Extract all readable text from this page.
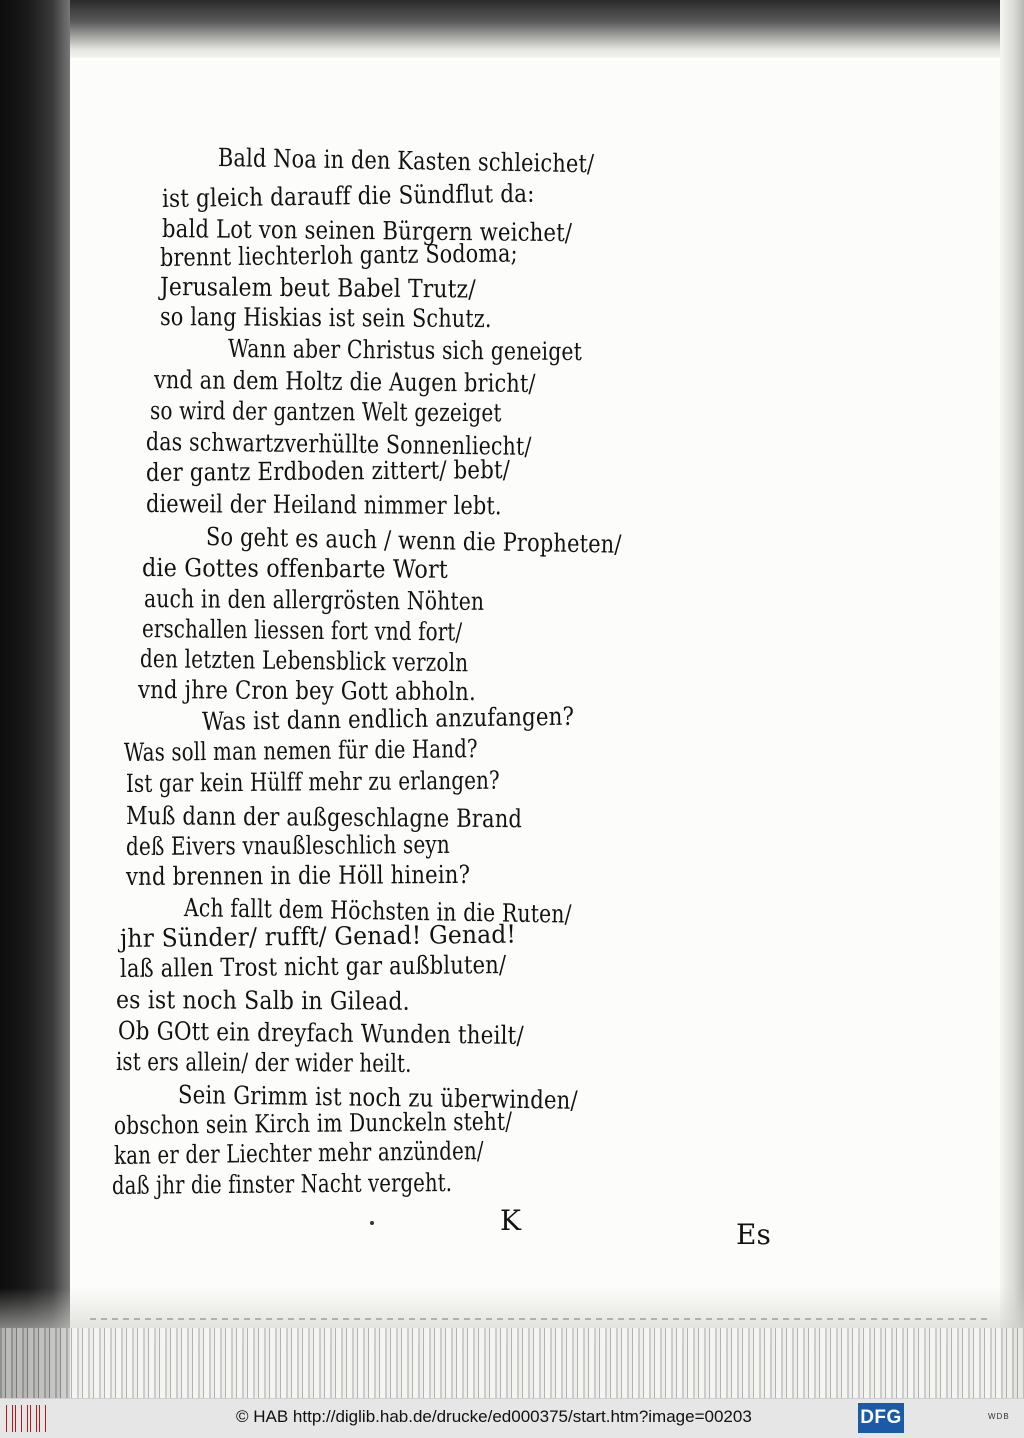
Bald Noa in den Kasten schleichet/
ist gleich darauff die Sündflut da:
bald Lot von seinen Bürgern weichet/
brennt liechterloh gantz Sodoma;
Jerusalem beut Babel Trutz/
so lang Hiskias ist sein Schutz.
Wann aber Christus sich geneiget
vnd an dem Holtz die Augen bricht/
so wird der gantzen Welt gezeiget
das schwartzverhüllte Sonnenliecht/
der gantz Erdboden zittert/ bebt/
dieweil der Heiland nimmer lebt.
So geht es auch / wenn die Propheten/
die Gottes offenbarte Wort
auch in den allergrösten Nöhten
erschallen liessen fort vnd fort/
den letzten Lebensblick verzoln
vnd jhre Cron bey Gott abholn.
Was ist dann endlich anzufangen?
Was soll man nemen für die Hand?
Ist gar kein Hülff mehr zu erlangen?
Muß dann der außgeschlagne Brand
deß Eivers vnaußleschlich seyn
vnd brennen in die Höll hinein?
Ach fallt dem Höchsten in die Ruten/
jhr Sünder/ rufft/ Genad! Genad!
laß allen Trost nicht gar außbluten/
es ist noch Salb in Gilead.
Ob GOtt ein dreyfach Wunden theilt/
ist ers allein/ der wider heilt.
Sein Grimm ist noch zu überwinden/
obschon sein Kirch im Dunckeln steht/
kan er der Liechter mehr anzünden/
daß jhr die finster Nacht vergeht.
K	Es
© HAB http://diglib.hab.de/drucke/ed000375/start.htm?image=00203	DFG	WDB
